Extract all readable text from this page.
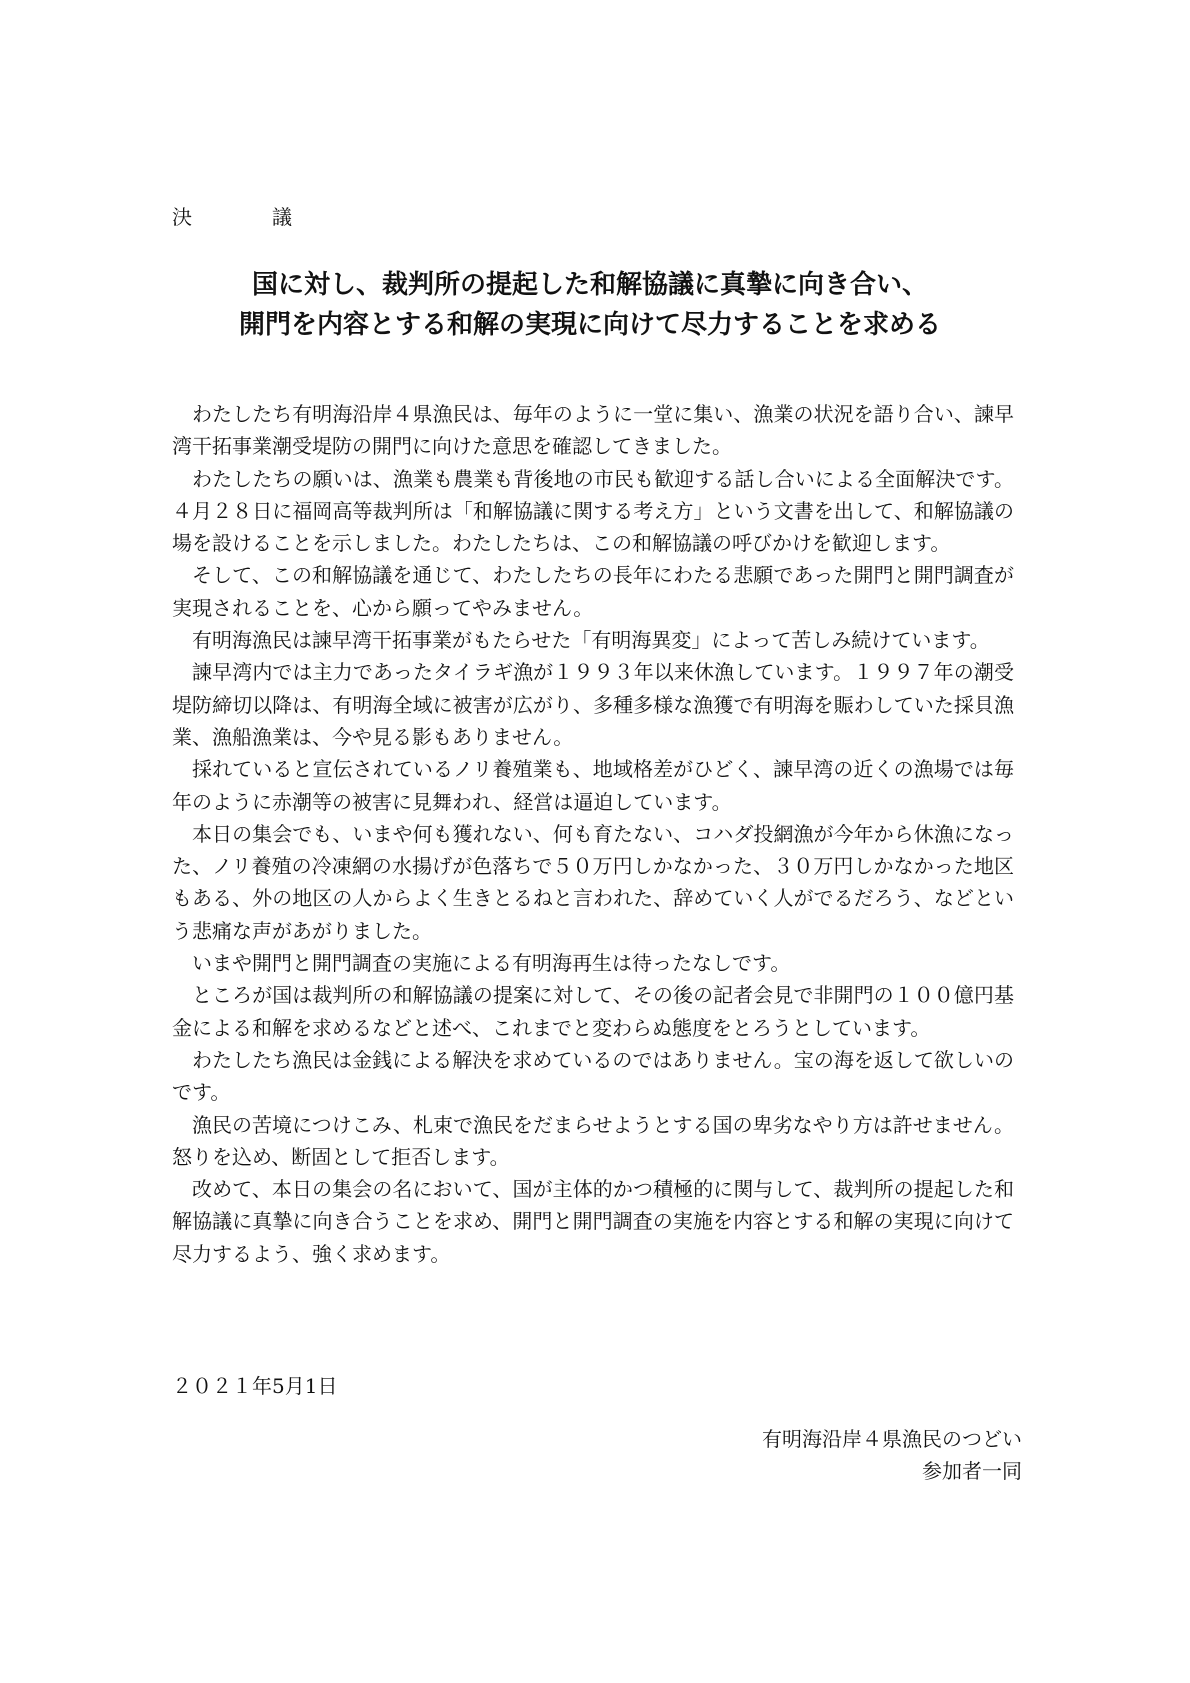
決　議
国に対し、裁判所の提起した和解協議に真摯に向き合い、
開門を内容とする和解の実現に向けて尽力することを求める

わたしたち有明海沿岸４県漁民は、毎年のように一堂に集い、漁業の状況を語り合い、諫早湾干拓事業潮受堤防の開門に向けた意思を確認してきました。

わたしたちの願いは、漁業も農業も背後地の市民も歓迎する話し合いによる全面解決です。４月２８日に福岡高等裁判所は「和解協議に関する考え方」という文書を出して、和解協議の場を設けることを示しました。わたしたちは、この和解協議の呼びかけを歓迎します。

そして、この和解協議を通じて、わたしたちの長年にわたる悲願であった開門と開門調査が実現されることを、心から願ってやみません。

有明海漁民は諫早湾干拓事業がもたらせた「有明海異変」によって苦しみ続けています。

諫早湾内では主力であったタイラギ漁が１９９３年以来休漁しています。１９９７年の潮受堤防締切以降は、有明海全域に被害が広がり、多種多様な漁獲で有明海を賑わしていた採貝漁業、漁船漁業は、今や見る影もありません。

採れていると宣伝されているノリ養殖業も、地域格差がひどく、諫早湾の近くの漁場では毎年のように赤潮等の被害に見舞われ、経営は逼迫しています。

本日の集会でも、いまや何も獲れない、何も育たない、コハダ投網漁が今年から休漁になった、ノリ養殖の冷凍網の水揚げが色落ちで５０万円しかなかった、３０万円しかなかった地区もある、外の地区の人からよく生きとるねと言われた、辞めていく人がでるだろう、などという悲痛な声があがりました。

いまや開門と開門調査の実施による有明海再生は待ったなしです。

ところが国は裁判所の和解協議の提案に対して、その後の記者会見で非開門の１００億円基金による和解を求めるなどと述べ、これまでと変わらぬ態度をとろうとしています。

わたしたち漁民は金銭による解決を求めているのではありません。宝の海を返して欲しいのです。

漁民の苦境につけこみ、札束で漁民をだまらせようとする国の卑劣なやり方は許せません。怒りを込め、断固として拒否します。

改めて、本日の集会の名において、国が主体的かつ積極的に関与して、裁判所の提起した和解協議に真摯に向き合うことを求め、開門と開門調査の実施を内容とする和解の実現に向けて尽力するよう、強く求めます。

２０２１年5月1日
有明海沿岸４県漁民のつどい
参加者一同
